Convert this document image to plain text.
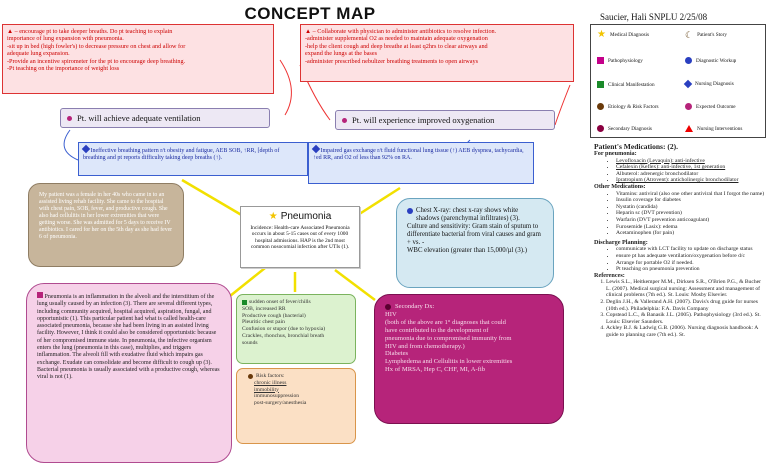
CONCEPT MAP	Saucier, Hali SNPLU 2/25/08

▲ – encourage pt to take deeper breaths. Do pt teaching to explain

importance of lung expansion with pneumonia.

-sit up in bed (high fowler's) to decrease pressure on chest and allow for

adequate lung expansion.

-Provide an incentive spirometer for the pt to encourage deep breathing.

-Pt teaching on the importance of weight loss

▲ – Collaborate with physician to administer antibiotics to resolve infection.

-administer supplemental O2 as needed to maintain adequate oxygenation

-help the client cough and deep breathe at least q2hrs to clear airways and

expand the lungs at the bases

-administer prescribed nebulizer breathing treatments to open airways

Pt. will achieve adequate ventilation	Pt. will experience improved oxygenation
Ineffective breathing pattern r/t obesity and fatigue, AEB SOB, ↑RR, [depth of breathing and pt reports difficulty taking deep breaths (↑).
Impaired gas exchange r/t fluid functional lung tissue (↑) AEB dyspnea, tachycardia, ↑ed RR, and O2 of less than 92% on RA.
My patient was a female in her 40s who came in to an assisted living rehab facility. She came to the hospital with chest pain, SOB, fever, and productive cough. She also had cellulitis in her lower extremities that were getting worse. She was admitted for 5 days to receive IV antibiotics. I cared for her on the 5th day as she had fever 6 of pneumonia.
★ Pneumonia
Incidence: Health-care Associated Pneumonia occurs in about 5-15 cases out of every 1000 hospital admissions. HAP is the 2nd most common nosocomial infection after UTIs (1).
Chest X-ray: chest x-ray shows white shadows (parenchymal infiltrates) (3).
Culture and sensitivity: Gram stain of sputum to differentiate bacterial from viral causes and gram + vs. -
WBC elevation (greater than 15,000/µl (3).)
Pneumonia is an inflammation in the alveoli and the interstitium of the lung usually caused by an infection (3). There are several different types, including community acquired, hospital acquired, aspiration, fungal, and opportunistic (1). This particular patient had what is called health-care associated pneumonia, because she had been living in an assisted living facility. However, I think it could also be considered opportunistic because of her compromised immune state. In pneumonia, the infective organism enters the lung (pneumonia in this case), multiplies, and triggers inflammation. The alveoli fill with exudative fluid which impairs gas exchange. Exudate can consolidate and become difficult to cough up (3). Bacterial pneumonia is usually associated with a productive cough, whereas viral is not (1).
sudden onset of fever/chills
SOB, increased RR
Productive cough (bacterial)
Pleuritic chest pain
Confusion or stupor (due to hypoxia)
Crackles, rhonchus, bronchial breath
sounds
Risk factors:
chronic illness
immobility
immunosuppression
post-surgery/anesthesia
Secondary Dx:
HIV
(both of the above are 1° diagnoses that could
have contributed to the development of
pneumonia due to compromised immunity from
HIV and from chemotherapy.)
Diabetes
Lymphedema and Cellulitis in lower extremities
Hx of MRSA, Hep C, CHF, MI, A-fib
★ Medical Diagnosis	☾ Patient's Story
Pathophysiology	Diagnostic Workup
Clinical Manifestation	Nursing Diagnosis
Etiology & Risk Factors	Expected Outcome
Secondary Diagnosis	Nursing Interventions
Patient's Medications: (2).
For pneumonia:
• Levofloxacin (Levaquin): anti-infective
• Cefalexin (Keflex): anti-infective, 1st generation
• Albuterol: adrenergic bronchodilator
• Ipratropium (Atrovent): anticholinergic bronchodilator
Other Medications:
• Vitamins: antiviral (also one other antiviral that I forgot the name)
• Insulin coverage for diabetes
• Nystatin (candida)
• Heparin sc (DVT prevention)
• Warfarin (DVT prevention anticoagulant)
• Furosemide (Lasix): edema
• Acetaminophen (for pain)
Discharge Planning:
• communicate with LCT facility to update on discharge status
• ensure pt has adequate ventilation/oxygenation before d/c
• Arrange for portable O2 if needed.
• Pt teaching on pneumonia prevention
References:
1. Lewis S.L., Heitkemper M.M., Dirksen S.R., O'Brien P.G., & Bucher L. (2007). Medical surgical nursing: Assessment and management of clinical problems (7th ed.). St. Louis: Mosby Elsevier.
2. Deglin J.H., & Vallerand A.H. (2007). Davis's drug guide for nurses (10th ed.). Philadelphia: F.A. Davis Company
3. Copstead L.C., & Banasik J.L. (2005). Pathophysiology (3rd ed.). St. Louis: Elsevier Saunders.
4. Ackley B.J. & Ladwig G.B. (2006). Nursing diagnosis handbook: A guide to planning care (7th ed.). St.
